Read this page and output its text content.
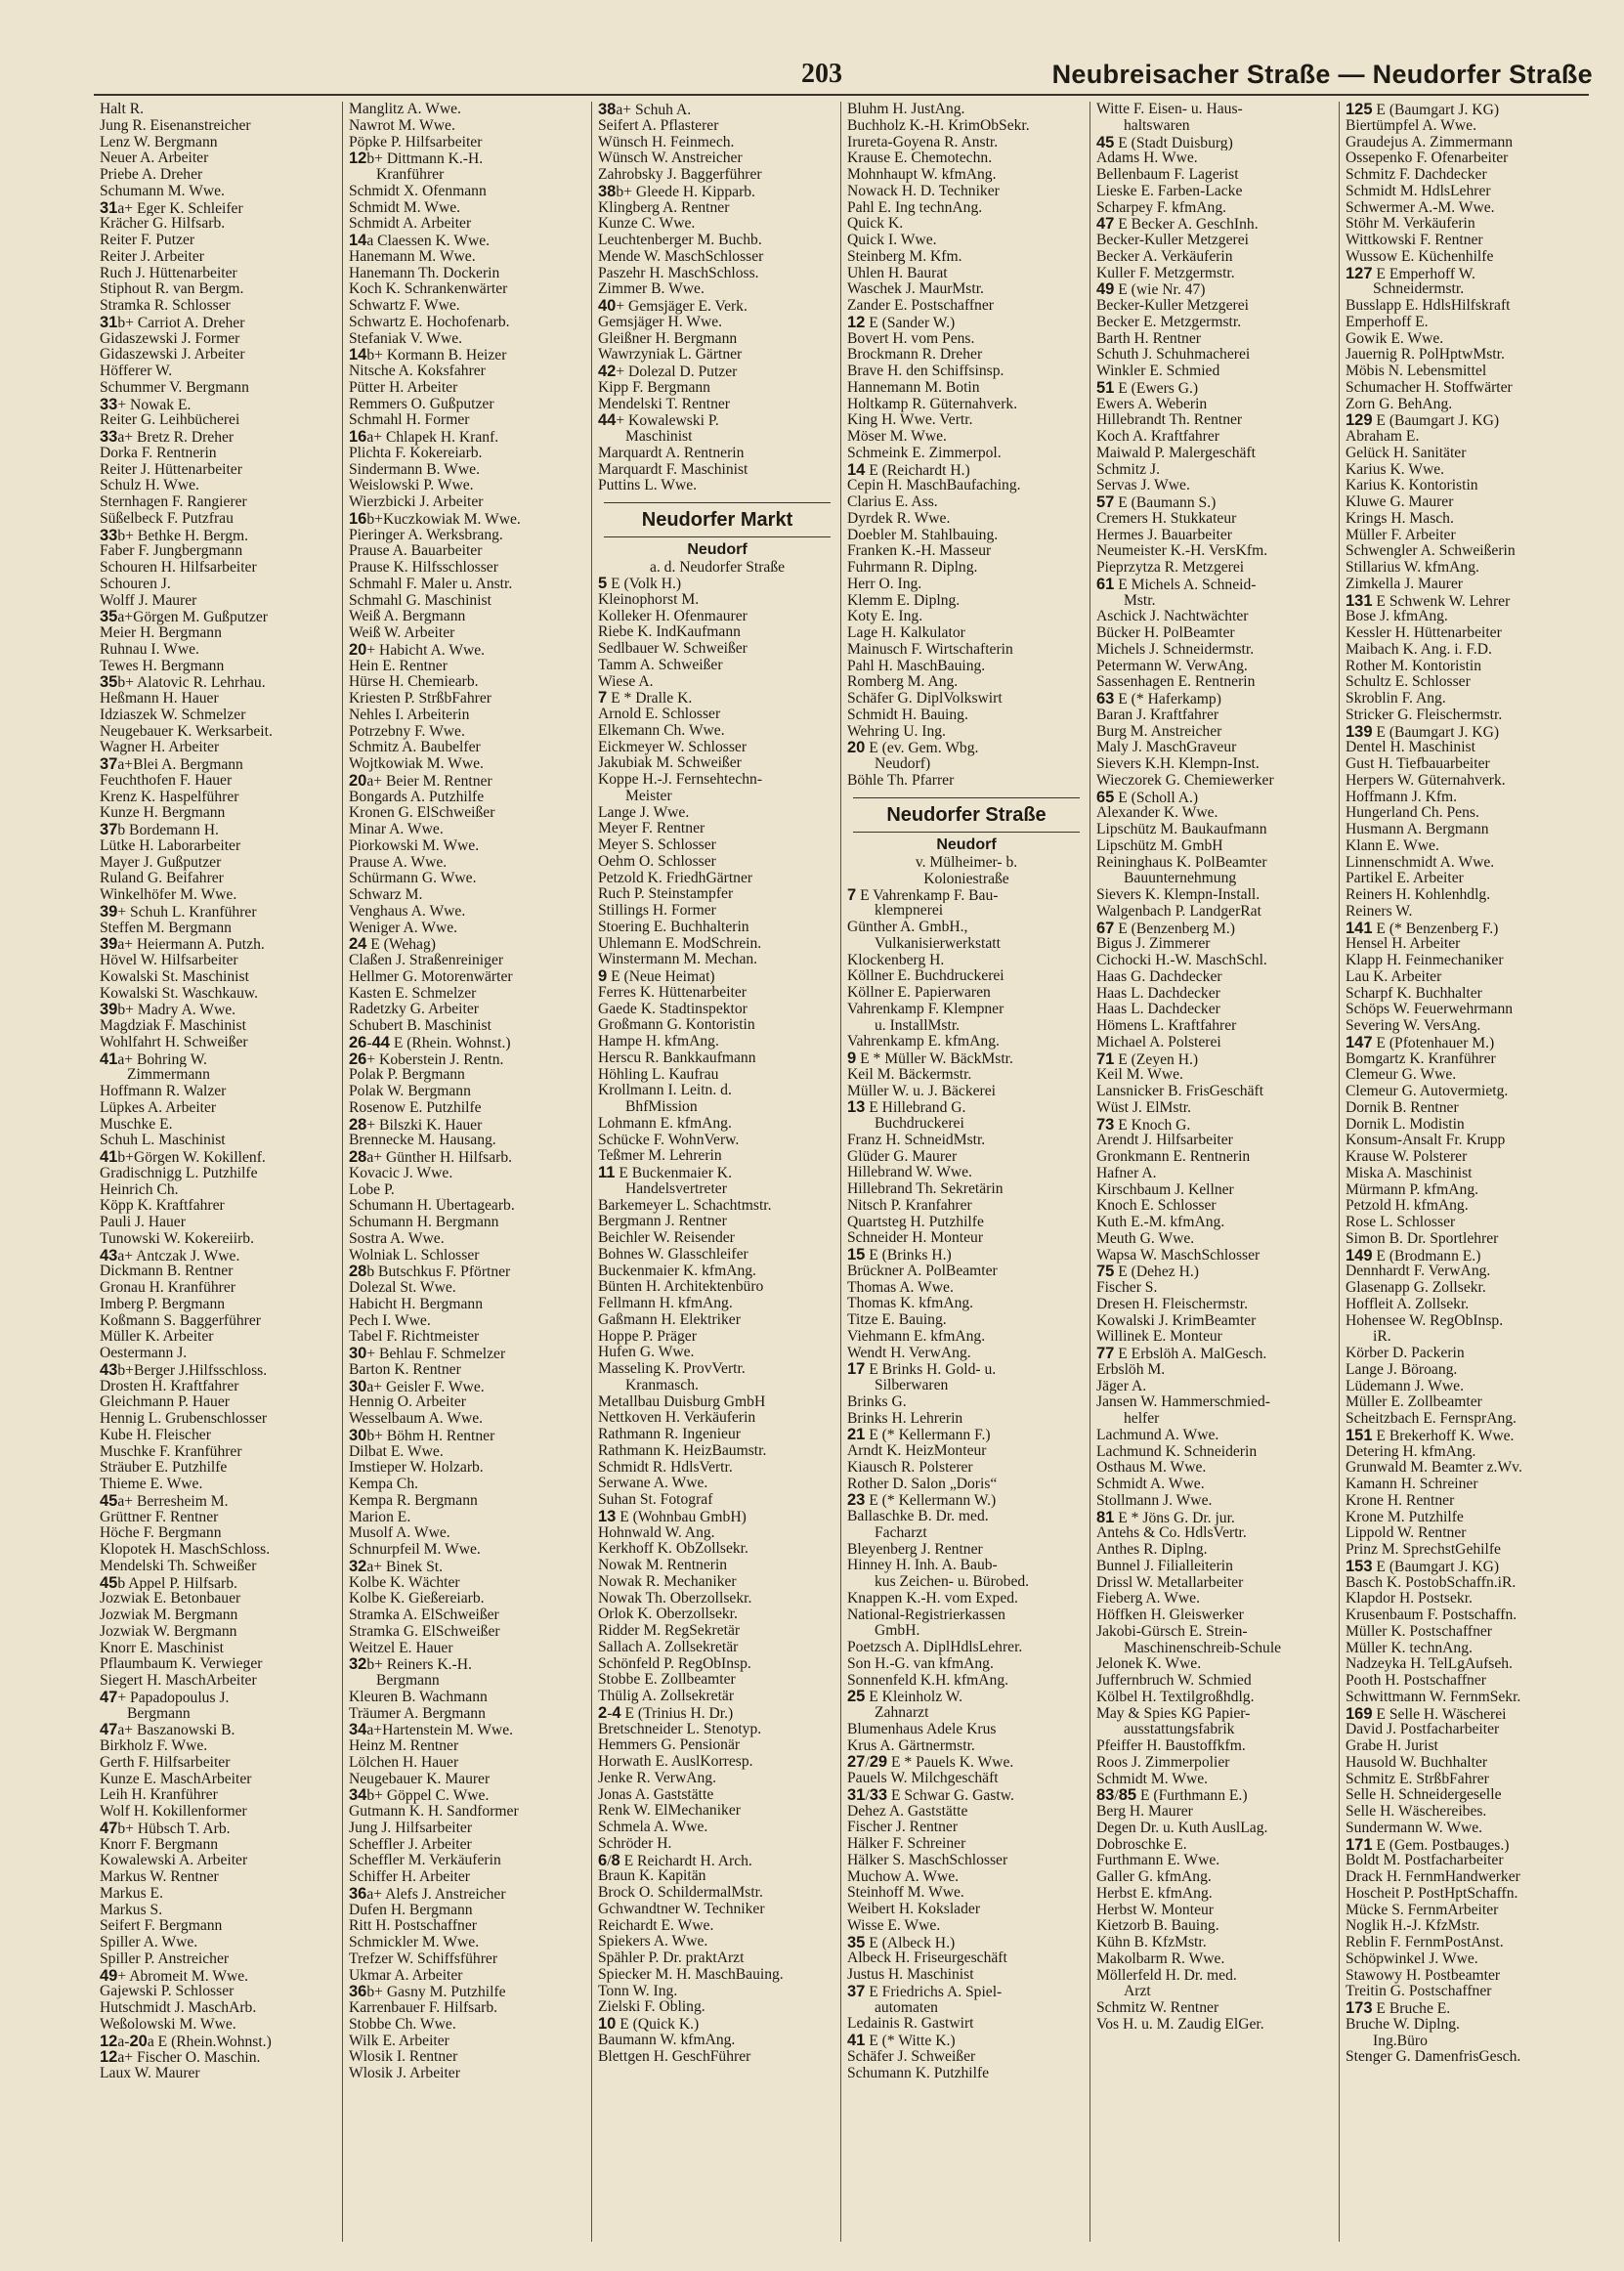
203	Neubreisacher Straße — Neudorfer Straße
Halt R.
Jung R. Eisenanstreicher
Lenz W. Bergmann
Neuer A. Arbeiter
Priebe A. Dreher
Schumann M. Wwe.
31a+ Eger K. Schleifer
Krächer G. Hilfsarb.
Reiter F. Putzer
Reiter J. Arbeiter
Ruch J. Hüttenarbeiter
Stiphout R. van Bergm.
Stramka R. Schlosser
31b+ Carriot A. Dreher
Gidaszewski J. Former
Gidaszewski J. Arbeiter
Höfferer W.
Schummer V. Bergmann
33+ Nowak E.
Reiter G. Leihbücherei
33a+ Bretz R. Dreher
Dorka F. Rentnerin
Reiter J. Hüttenarbeiter
Schulz H. Wwe.
Sternhagen F. Rangierer
Süßelbeck F. Putzfrau
33b+ Bethke H. Bergm.
Faber F. Jungbergmann
Schouren H. Hilfsarbeiter
Schouren J.
Wolff J. Maurer
35a+Görgen M. Gußputzer
Meier H. Bergmann
Ruhnau I. Wwe.
Tewes H. Bergmann
35b+ Alatovic R. Lehrhau.
Heßmann H. Hauer
Idziaszek W. Schmelzer
Neugebauer K. Werksarbeit.
Wagner H. Arbeiter
37a+Blei A. Bergmann
Feuchthofen F. Hauer
Krenz K. Haspelführer
Kunze H. Bergmann
37b Bordemann H.
Lütke H. Laborarbeiter
Mayer J. Gußputzer
Ruland G. Beifahrer
Winkelhöfer M. Wwe.
39+ Schuh L. Kranführer
Steffen M. Bergmann
39a+ Heiermann A. Putzh.
Hövel W. Hilfsarbeiter
Kowalski St. Maschinist
Kowalski St. Waschkauw.
39b+ Madry A. Wwe.
Magdziak F. Maschinist
Wohlfahrt H. Schweißer
41a+ Bohring W.
Zimmermann
Hoffmann R. Walzer
Lüpkes A. Arbeiter
Muschke E.
Schuh L. Maschinist
41b+Görgen W. Kokillenf.
Gradischnigg L. Putzhilfe
Heinrich Ch.
Köpp K. Kraftfahrer
Pauli J. Hauer
Tunowski W. Kokereiirb.
43a+ Antczak J. Wwe.
Dickmann B. Rentner
Gronau H. Kranführer
Imberg P. Bergmann
Koßmann S. Baggerführer
Müller K. Arbeiter
Oestermann J.
43b+Berger J.Hilfsschloss.
Drosten H. Kraftfahrer
Gleichmann P. Hauer
Hennig L. Grubenschlosser
Kube H. Fleischer
Muschke F. Kranführer
Sträuber E. Putzhilfe
Thieme E. Wwe.
45a+ Berresheim M.
Grüttner F. Rentner
Höche F. Bergmann
Klopotek H. MaschSchloss.
Mendelski Th. Schweißer
45b Appel P. Hilfsarb.
Jozwiak E. Betonbauer
Jozwiak M. Bergmann
Jozwiak W. Bergmann
Knorr E. Maschinist
Pflaumbaum K. Verwieger
Siegert H. MaschArbeiter
47+ Papadopoulus J.
Bergmann
47a+ Baszanowski B.
Birkholz F. Wwe.
Gerth F. Hilfsarbeiter
Kunze E. MaschArbeiter
Leih H. Kranführer
Wolf H. Kokillenformer
47b+ Hübsch T. Arb.
Knorr F. Bergmann
Kowalewski A. Arbeiter
Markus W. Rentner
Markus E.
Markus S.
Seifert F. Bergmann
Spiller A. Wwe.
Spiller P. Anstreicher
49+ Abromeit M. Wwe.
Gajewski P. Schlosser
Hutschmidt J. MaschArb.
Weßolowski M. Wwe.
12a-20a E (Rhein.Wohnst.)
12a+ Fischer O. Maschin.
Laux W. Maurer
Manglitz A. Wwe.
Nawrot M. Wwe.
Pöpke P. Hilfsarbeiter
12b+ Dittmann K.-H.
Kranführer
Schmidt X. Ofenmann
Schmidt M. Wwe.
Schmidt A. Arbeiter
14a Claessen K. Wwe.
Hanemann M. Wwe.
Hanemann Th. Dockerin
Koch K. Schrankenwärter
Schwartz F. Wwe.
Schwartz E. Hochofenarb.
Stefaniak V. Wwe.
14b+ Kormann B. Heizer
Nitsche A. Koksfahrer
Pütter H. Arbeiter
Remmers O. Gußputzer
Schmahl H. Former
16a+ Chlapek H. Kranf.
Plichta F. Kokereiarb.
Sindermann B. Wwe.
Weislowski P. Wwe.
Wierzbicki J. Arbeiter
16b+Kuczkowiak M. Wwe.
Pieringer A. Werksbrang.
Prause A. Bauarbeiter
Prause K. Hilfsschlosser
Schmahl F. Maler u. Anstr.
Schmahl G. Maschinist
Weiß A. Bergmann
Weiß W. Arbeiter
20+ Habicht A. Wwe.
Hein E. Rentner
Hürse H. Chemiearb.
Kriesten P. StrßbFahrer
Nehles I. Arbeiterin
Potrzebny F. Wwe.
Schmitz A. Baubelfer
Wojtkowiak M. Wwe.
20a+ Beier M. Rentner
Bongards A. Putzhilfe
Kronen G. ElSchweißer
Minar A. Wwe.
Piorkowski M. Wwe.
Prause A. Wwe.
Schürmann G. Wwe.
Schwarz M.
Venghaus A. Wwe.
Weniger A. Wwe.
24 E (Wehag)
Claßen J. Straßenreiniger
Hellmer G. Motorenwärter
Kasten E. Schmelzer
Radetzky G. Arbeiter
Schubert B. Maschinist
26-44 E (Rhein. Wohnst.)
26+ Koberstein J. Rentn.
Polak P. Bergmann
Polak W. Bergmann
Rosenow E. Putzhilfe
28+ Bilszki K. Hauer
Brennecke M. Hausang.
28a+ Günther H. Hilfsarb.
Kovacic J. Wwe.
Lobe P.
Schumann H. Übertagearb.
Schumann H. Bergmann
Sostra A. Wwe.
Wolniak L. Schlosser
28b Butschkus F. Pförtner
Dolezal St. Wwe.
Habicht H. Bergmann
Pech I. Wwe.
Tabel F. Richtmeister
30+ Behlau F. Schmelzer
Barton K. Rentner
30a+ Geisler F. Wwe.
Hennig O. Arbeiter
Wesselbaum A. Wwe.
30b+ Böhm H. Rentner
Dilbat E. Wwe.
Imstieper W. Holzarb.
Kempa Ch.
Kempa R. Bergmann
Marion E.
Musolf A. Wwe.
Schnurpfeil M. Wwe.
32a+ Binek St.
Kolbe K. Wächter
Kolbe K. Gießereiarb.
Stramka A. ElSchweißer
Stramka G. ElSchweißer
Weitzel E. Hauer
32b+ Reiners K.-H.
Bergmann
Kleuren B. Wachmann
Träumer A. Bergmann
34a+Hartenstein M. Wwe.
Heinz M. Rentner
Lölchen H. Hauer
Neugebauer K. Maurer
34b+ Göppel C. Wwe.
Gutmann K. H. Sandformer
Jung J. Hilfsarbeiter
Scheffler J. Arbeiter
Scheffler M. Verkäuferin
Schiffer H. Arbeiter
36a+ Alefs J. Anstreicher
Dufen H. Bergmann
Ritt H. Postschaffner
Schmickler M. Wwe.
Trefzer W. Schiffsführer
Ukmar A. Arbeiter
36b+ Gasny M. Putzhilfe
Karrenbauer F. Hilfsarb.
Stobbe Ch. Wwe.
Wilk E. Arbeiter
Wlosik I. Rentner
Wlosik J. Arbeiter
38a+ Schuh A.
Seifert A. Pflasterer
Wünsch H. Feinmech.
Wünsch W. Anstreicher
Zahrobsky J. Baggerführer
38b+ Gleede H. Kipparb.
Klingberg A. Rentner
Kunze C. Wwe.
Leuchtenberger M. Buchb.
Mende W. MaschSchlosser
Paszehr H. MaschSchloss.
Zimmer B. Wwe.
40+ Gemsjäger E. Verk.
Gemsjäger H. Wwe.
Gleißner H. Bergmann
Wawrzyniak L. Gärtner
42+ Dolezal D. Putzer
Kipp F. Bergmann
Mendelski T. Rentner
44+ Kowalewski P.
Maschinist
Marquardt A. Rentnerin
Marquardt F. Maschinist
Puttins L. Wwe.
Neudorfer Markt
Neudorf
a. d. Neudorfer Straße
5 E (Volk H.)
Kleinophorst M.
Kolleker H. Ofenmaurer
Riebe K. IndKaufmann
Sedlbauer W. Schweißer
Tamm A. Schweißer
Wiese A.
7 E * Dralle K.
Arnold E. Schlosser
Elkemann Ch. Wwe.
Eickmeyer W. Schlosser
Jakubiak M. Schweißer
Koppe H.-J. Fernsehtechn-
Meister
Lange J. Wwe.
Meyer F. Rentner
Meyer S. Schlosser
Oehm O. Schlosser
Petzold K. FriedhGärtner
Ruch P. Steinstampfer
Stillings H. Former
Stoering E. Buchhalterin
Uhlemann E. ModSchrein.
Winstermann M. Mechan.
9 E (Neue Heimat)
Ferres K. Hüttenarbeiter
Gaede K. Stadtinspektor
Großmann G. Kontoristin
Hampe H. kfmAng.
Herscu R. Bankkaufmann
Höhling L. Kaufrau
Krollmann I. Leitn. d.
BhfMission
Lohmann E. kfmAng.
Schücke F. WohnVerw.
Teßmer M. Lehrerin
11 E Buckenmaier K.
Handelsvertreter
Barkemeyer L. Schachtmstr.
Bergmann J. Rentner
Beichler W. Reisender
Bohnes W. Glasschleifer
Buckenmaier K. kfmAng.
Bünten H. Architektenbüro
Fellmann H. kfmAng.
Gaßmann H. Elektriker
Hoppe P. Präger
Hufen G. Wwe.
Masseling K. ProvVertr.
Kranmasch.
Metallbau Duisburg GmbH
Nettkoven H. Verkäuferin
Rathmann R. Ingenieur
Rathmann K. HeizBaumstr.
Schmidt R. HdlsVertr.
Serwane A. Wwe.
Suhan St. Fotograf
13 E (Wohnbau GmbH)
Hohnwald W. Ang.
Kerkhoff K. ObZollsekr.
Nowak M. Rentnerin
Nowak R. Mechaniker
Nowak Th. Oberzollsekr.
Orlok K. Oberzollsekr.
Ridder M. RegSekretär
Sallach A. Zollsekretär
Schönfeld P. RegObInsp.
Stobbe E. Zollbeamter
Thülig A. Zollsekretär
2-4 E (Trinius H. Dr.)
Bretschneider L. Stenotyp.
Hemmers G. Pensionär
Horwath E. AuslKorresp.
Jenke R. VerwAng.
Jonas A. Gaststätte
Renk W. ElMechaniker
Schmela A. Wwe.
Schröder H.
6/8 E Reichardt H. Arch.
Braun K. Kapitän
Brock O. SchildermalMstr.
Gchwandtner W. Techniker
Reichardt E. Wwe.
Spiekers A. Wwe.
Spähler P. Dr. praktArzt
Spiecker M. H. MaschBauing.
Tonn W. Ing.
Zielski F. Obling.
10 E (Quick K.)
Baumann W. kfmAng.
Blettgen H. GeschFührer
Bluhm H. JustAng.
Buchholz K.-H. KrimObSekr.
Irureta-Goyena R. Anstr.
Krause E. Chemotechn.
Mohnhaupt W. kfmAng.
Nowack H. D. Techniker
Pahl E. Ing technAng.
Quick K.
Quick I. Wwe.
Steinberg M. Kfm.
Uhlen H. Baurat
Waschek J. MaurMstr.
Zander E. Postschaffner
12 E (Sander W.)
Bovert H. vom Pens.
Brockmann R. Dreher
Brave H. den Schiffsinsp.
Hannemann M. Botin
Holtkamp R. Güternahverk.
King H. Wwe. Vertr.
Möser M. Wwe.
Schmeink E. Zimmerpol.
14 E (Reichardt H.)
Cepin H. MaschBaufaching.
Clarius E. Ass.
Dyrdek R. Wwe.
Doebler M. Stahlbauing.
Franken K.-H. Masseur
Fuhrmann R. Diplng.
Herr O. Ing.
Klemm E. Diplng.
Koty E. Ing.
Lage H. Kalkulator
Mainusch F. Wirtschafterin
Pahl H. MaschBauing.
Romberg M. Ang.
Schäfer G. DiplVolkswirt
Schmidt H. Bauing.
Wehring U. Ing.
20 E (ev. Gem. Wbg.
Neudorf)
Böhle Th. Pfarrer
Neudorfer Straße
Neudorf
v. Mülheimer- b.
Koloniestraße
7 E Vahrenkamp F. Bau-
klempnerei
Günther A. GmbH.,
Vulkanisierwerkstatt
Klockenberg H.
Köllner E. Buchdruckerei
Köllner E. Papierwaren
Vahrenkamp F. Klempner
u. InstallMstr.
Vahrenkamp E. kfmAng.
9 E * Müller W. BäckMstr.
Keil M. Bäckermstr.
Müller W. u. J. Bäckerei
13 E Hillebrand G.
Buchdruckerei
Franz H. SchneidMstr.
Glüder G. Maurer
Hillebrand W. Wwe.
Hillebrand Th. Sekretärin
Nitsch P. Kranfahrer
Quartsteg H. Putzhilfe
Schneider H. Monteur
15 E (Brinks H.)
Brückner A. PolBeamter
Thomas A. Wwe.
Thomas K. kfmAng.
Titze E. Bauing.
Viehmann E. kfmAng.
Wendt H. VerwAng.
17 E Brinks H. Gold- u.
Silberwaren
Brinks G.
Brinks H. Lehrerin
21 E (* Kellermann F.)
Arndt K. HeizMonteur
Kiausch R. Polsterer
Rother D. Salon „Doris“
23 E (* Kellermann W.)
Ballaschke B. Dr. med.
Facharzt
Bleyenberg J. Rentner
Hinney H. Inh. A. Baub-
kus Zeichen- u. Bürobed.
Knappen K.-H. vom Exped.
National-Registrierkassen
GmbH.
Poetzsch A. DiplHdlsLehrer.
Son H.-G. van kfmAng.
Sonnenfeld K.H. kfmAng.
25 E Kleinholz W.
Zahnarzt
Blumenhaus Adele Krus
Krus A. Gärtnermstr.
27/29 E * Pauels K. Wwe.
Pauels W. Milchgeschäft
31/33 E Schwar G. Gastw.
Dehez A. Gaststätte
Fischer J. Rentner
Hälker F. Schreiner
Hälker S. MaschSchlosser
Muchow A. Wwe.
Steinhoff M. Wwe.
Weibert H. Kokslader
Wisse E. Wwe.
35 E (Albeck H.)
Albeck H. Friseurgeschäft
Justus H. Maschinist
37 E Friedrichs A. Spiel-
automaten
Ledainis R. Gastwirt
41 E (* Witte K.)
Schäfer J. Schweißer
Schumann K. Putzhilfe
Witte F. Eisen- u. Haus-
haltswaren
45 E (Stadt Duisburg)
Adams H. Wwe.
Bellenbaum F. Lagerist
Lieske E. Farben-Lacke
Scharpey F. kfmAng.
47 E Becker A. GeschInh.
Becker-Kuller Metzgerei
Becker A. Verkäuferin
Kuller F. Metzgermstr.
49 E (wie Nr. 47)
Becker-Kuller Metzgerei
Becker E. Metzgermstr.
Barth H. Rentner
Schuth J. Schuhmacherei
Winkler E. Schmied
51 E (Ewers G.)
Ewers A. Weberin
Hillebrandt Th. Rentner
Koch A. Kraftfahrer
Maiwald P. Malergeschäft
Schmitz J.
Servas J. Wwe.
57 E (Baumann S.)
Cremers H. Stukkateur
Hermes J. Bauarbeiter
Neumeister K.-H. VersKfm.
Pieprzytza R. Metzgerei
61 E Michels A. Schneid-
Mstr.
Aschick J. Nachtwächter
Bücker H. PolBeamter
Michels J. Schneidermstr.
Petermann W. VerwAng.
Sassenhagen E. Rentnerin
63 E (* Haferkamp)
Baran J. Kraftfahrer
Burg M. Anstreicher
Maly J. MaschGraveur
Sievers K.H. Klempn-Inst.
Wieczorek G. Chemiewerker
65 E (Scholl A.)
Alexander K. Wwe.
Lipschütz M. Baukaufmann
Lipschütz M. GmbH
Reininghaus K. PolBeamter
Bauunternehmung
Sievers K. Klempn-Install.
Walgenbach P. LandgerRat
67 E (Benzenberg M.)
Bigus J. Zimmerer
Cichocki H.-W. MaschSchl.
Haas G. Dachdecker
Haas L. Dachdecker
Haas L. Dachdecker
Hömens L. Kraftfahrer
Michael A. Polsterei
71 E (Zeyen H.)
Keil M. Wwe.
Lansnicker B. FrisGeschäft
Wüst J. ElMstr.
73 E Knoch G.
Arendt J. Hilfsarbeiter
Gronkmann E. Rentnerin
Hafner A.
Kirschbaum J. Kellner
Knoch E. Schlosser
Kuth E.-M. kfmAng.
Meuth G. Wwe.
Wapsa W. MaschSchlosser
75 E (Dehez H.)
Fischer S.
Dresen H. Fleischermstr.
Kowalski J. KrimBeamter
Willinek E. Monteur
77 E Erbslöh A. MalGesch.
Erbslöh M.
Jäger A.
Jansen W. Hammerschmied-
helfer
Lachmund A. Wwe.
Lachmund K. Schneiderin
Osthaus M. Wwe.
Schmidt A. Wwe.
Stollmann J. Wwe.
81 E * Jöns G. Dr. jur.
Antehs & Co. HdlsVertr.
Anthes R. Diplng.
Bunnel J. Filialleiterin
Drissl W. Metallarbeiter
Fieberg A. Wwe.
Höffken H. Gleiswerker
Jakobi-Gürsch E. Strein-
Maschinenschreib-Schule
Jelonek K. Wwe.
Juffernbruch W. Schmied
Kölbel H. Textilgroßhdlg.
May & Spies KG Papier-
ausstattungsfabrik
Pfeiffer H. Baustoffkfm.
Roos J. Zimmerpolier
Schmidt M. Wwe.
83/85 E (Furthmann E.)
Berg H. Maurer
Degen Dr. u. Kuth AuslLag.
Dobroschke E.
Furthmann E. Wwe.
Galler G. kfmAng.
Herbst E. kfmAng.
Herbst W. Monteur
Kietzorb B. Bauing.
Kühn B. KfzMstr.
Makolbarm R. Wwe.
Möllerfeld H. Dr. med.
Arzt
Schmitz W. Rentner
Vos H. u. M. Zaudig ElGer.
125 E (Baumgart J. KG)
Biertümpfel A. Wwe.
Graudejus A. Zimmermann
Ossepenko F. Ofenarbeiter
Schmitz F. Dachdecker
Schmidt M. HdlsLehrer
Schwermer A.-M. Wwe.
Stöhr M. Verkäuferin
Wittkowski F. Rentner
Wussow E. Küchenhilfe
127 E Emperhoff W.
Schneidermstr.
Busslapp E. HdlsHilfskraft
Emperhoff E.
Gowik E. Wwe.
Jauernig R. PolHptwMstr.
Möbis N. Lebensmittel
Schumacher H. Stoffwärter
Zorn G. BehAng.
129 E (Baumgart J. KG)
Abraham E.
Gelück H. Sanitäter
Karius K. Wwe.
Karius K. Kontoristin
Kluwe G. Maurer
Krings H. Masch.
Müller F. Arbeiter
Schwengler A. Schweißerin
Stillarius W. kfmAng.
Zimkella J. Maurer
131 E Schwenk W. Lehrer
Bose J. kfmAng.
Kessler H. Hüttenarbeiter
Maibach K. Ang. i. F.D.
Rother M. Kontoristin
Schultz E. Schlosser
Skroblin F. Ang.
Stricker G. Fleischermstr.
139 E (Baumgart J. KG)
Dentel H. Maschinist
Gust H. Tiefbauarbeiter
Herpers W. Güternahverk.
Hoffmann J. Kfm.
Hungerland Ch. Pens.
Husmann A. Bergmann
Klann E. Wwe.
Linnenschmidt A. Wwe.
Partikel E. Arbeiter
Reiners H. Kohlenhdlg.
Reiners W.
141 E (* Benzenberg F.)
Hensel H. Arbeiter
Klapp H. Feinmechaniker
Lau K. Arbeiter
Scharpf K. Buchhalter
Schöps W. Feuerwehrmann
Severing W. VersAng.
147 E (Pfotenhauer M.)
Bomgartz K. Kranführer
Clemeur G. Wwe.
Clemeur G. Autovermietg.
Dornik B. Rentner
Dornik L. Modistin
Konsum-Ansalt Fr. Krupp
Krause W. Polsterer
Miska A. Maschinist
Mürmann P. kfmAng.
Petzold H. kfmAng.
Rose L. Schlosser
Simon B. Dr. Sportlehrer
149 E (Brodmann E.)
Dennhardt F. VerwAng.
Glasenapp G. Zollsekr.
Hoffleit A. Zollsekr.
Hohensee W. RegObInsp.
iR.
Körber D. Packerin
Lange J. Böroang.
Lüdemann J. Wwe.
Müller E. Zollbeamter
Scheitzbach E. FernsprAng.
151 E Brekerhoff K. Wwe.
Detering H. kfmAng.
Grunwald M. Beamter z.Wv.
Kamann H. Schreiner
Krone H. Rentner
Krone M. Putzhilfe
Lippold W. Rentner
Prinz M. SprechstGehilfe
153 E (Baumgart J. KG)
Basch K. PostobSchaffn.iR.
Klapdor H. Postsekr.
Krusenbaum F. Postschaffn.
Müller K. Postschaffner
Müller K. technAng.
Nadzeyka H. TelLgAufseh.
Pooth H. Postschaffner
Schwittmann W. FernmSekr.
169 E Selle H. Wäscherei
David J. Postfacharbeiter
Grabe H. Jurist
Hausold W. Buchhalter
Schmitz E. StrßbFahrer
Selle H. Schneidergeselle
Selle H. Wäschereibes.
Sundermann W. Wwe.
171 E (Gem. Postbauges.)
Boldt M. Postfacharbeiter
Drack H. FernmHandwerker
Hoscheit P. PostHptSchaffn.
Mücke S. FernmArbeiter
Noglik H.-J. KfzMstr.
Reblin F. FernmPostAnst.
Schöpwinkel J. Wwe.
Stawowy H. Postbeamter
Treitin G. Postschaffner
173 E Bruche E.
Bruche W. Diplng.
Ing.Büro
Stenger G. DamenfrisGesch.
